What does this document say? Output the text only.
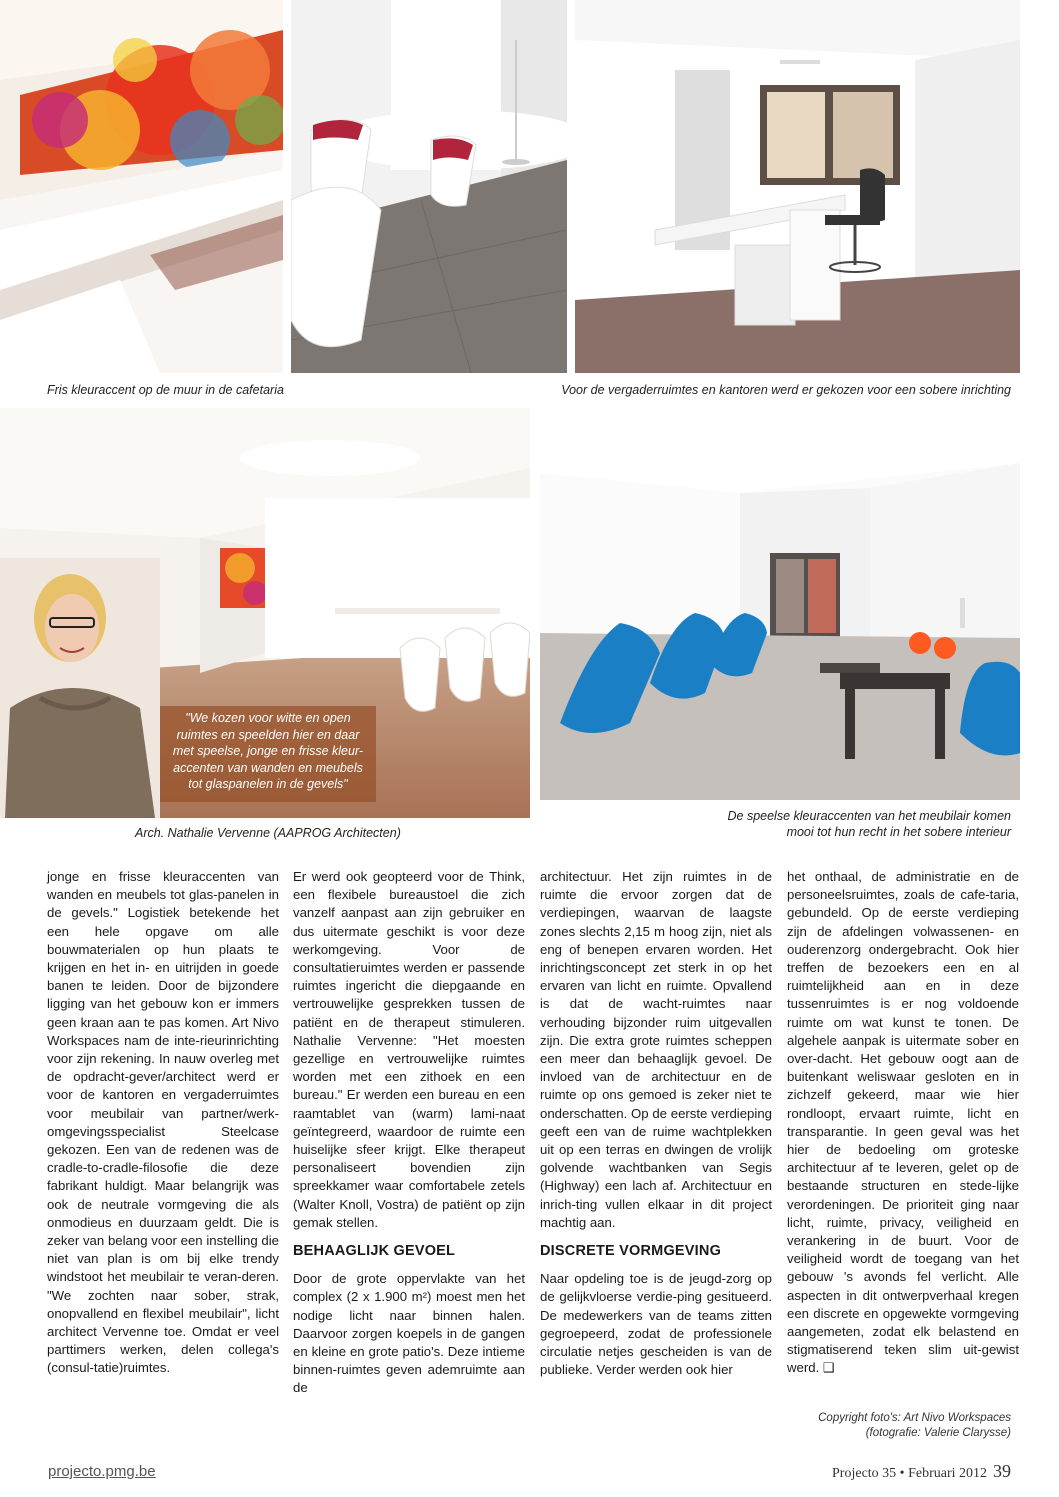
Fris kleuraccent op de muur in de cafetaria	Voor de vergaderruimtes en kantoren werd er gekozen voor een sobere inrichting
"We kozen voor witte en open ruimtes en speelden hier en daar met speelse, jonge en frisse kleur-accenten van wanden en meubels tot glaspanelen in de gevels"
Arch. Nathalie Vervenne (AAPROG Architecten)
De speelse kleuraccenten van het meubilair komen
mooi tot hun recht in het sobere interieur

jonge en frisse kleuraccenten van wanden en meubels tot glas-panelen in de gevels." Logistiek betekende het een hele opgave om alle bouwmaterialen op hun plaats te krijgen en het in- en uitrijden in goede banen te leiden. Door de bijzondere ligging van het gebouw kon er immers geen kraan aan te pas komen. Art Nivo Workspaces nam de inte-rieurinrichting voor zijn rekening. In nauw overleg met de opdracht-gever/architect werd er voor de kantoren en vergaderruimtes voor meubilair van partner/werk-omgevingsspecialist Steelcase gekozen. Een van de redenen was de cradle-to-cradle-filosofie die deze fabrikant huldigt. Maar belangrijk was ook de neutrale vormgeving die als onmodieus en duurzaam geldt. Die is zeker van belang voor een instelling die niet van plan is om bij elke trendy windstoot het meubilair te veran-deren. "We zochten naar sober, strak, onopvallend en flexibel meubilair", licht architect Vervenne toe. Omdat er veel parttimers werken, delen collega's (consul-tatie)ruimtes.

Er werd ook geopteerd voor de Think, een flexibele bureaustoel die zich vanzelf aanpast aan zijn gebruiker en dus uitermate geschikt is voor deze werkomgeving. Voor de consultatieruimtes werden er passende ruimtes ingericht die diepgaande en vertrouwelijke gesprekken tussen de patiënt en de therapeut stimuleren. Nathalie Vervenne: "Het moesten gezellige en vertrouwelijke ruimtes worden met een zithoek en een bureau." Er werden een bureau en een raamtablet van (warm) lami-naat geïntegreerd, waardoor de ruimte een huiselijke sfeer krijgt. Elke therapeut personaliseert bovendien zijn spreekkamer waar comfortabele zetels (Walter Knoll, Vostra) de patiënt op zijn gemak stellen.

BEHAAGLIJK GEVOEL

Door de grote oppervlakte van het complex (2 x 1.900 m²) moest men het nodige licht naar binnen halen. Daarvoor zorgen koepels in de gangen en kleine en grote patio's. Deze intieme binnen-ruimtes geven ademruimte aan de

architectuur. Het zijn ruimtes in de ruimte die ervoor zorgen dat de verdiepingen, waarvan de laagste zones slechts 2,15 m hoog zijn, niet als eng of benepen ervaren worden. Het inrichtingsconcept zet sterk in op het ervaren van licht en ruimte. Opvallend is dat de wacht-ruimtes naar verhouding bijzonder ruim uitgevallen zijn. Die extra grote ruimtes scheppen een meer dan behaaglijk gevoel. De invloed van de architectuur en de ruimte op ons gemoed is zeker niet te onderschatten. Op de eerste verdieping geeft een van de ruime wachtplekken uit op een terras en dwingen de vrolijk golvende wachtbanken van Segis (Highway) een lach af. Architectuur en inrich-ting vullen elkaar in dit project machtig aan.

DISCRETE VORMGEVING

Naar opdeling toe is de jeugd-zorg op de gelijkvloerse verdie-ping gesitueerd. De medewerkers van de teams zitten gegroepeerd, zodat de professionele circulatie netjes gescheiden is van de publieke. Verder werden ook hier

het onthaal, de administratie en de personeelsruimtes, zoals de cafe-taria, gebundeld. Op de eerste verdieping zijn de afdelingen volwassenen- en ouderenzorg ondergebracht. Ook hier treffen de bezoekers een en al ruimtelijkheid aan en in deze tussenruimtes is er nog voldoende ruimte om wat kunst te tonen. De algehele aanpak is uitermate sober en over-dacht. Het gebouw oogt aan de buitenkant weliswaar gesloten en in zichzelf gekeerd, maar wie hier rondloopt, ervaart ruimte, licht en transparantie. In geen geval was het hier de bedoeling om groteske architectuur af te leveren, gelet op de bestaande structuren en stede-lijke verordeningen. De prioriteit ging naar licht, ruimte, privacy, veiligheid en verankering in de buurt. Voor de veiligheid wordt de toegang van het gebouw 's avonds fel verlicht. Alle aspecten in dit ontwerpverhaal kregen een discrete en opgewekte vormgeving aangemeten, zodat elk belastend en stigmatiserend teken slim uit-gewist werd. ❑

Copyright foto's: Art Nivo Workspaces
(fotografie: Valerie Clarysse)
projecto.pmg.be	Projecto 35 • Februari 2012 39
